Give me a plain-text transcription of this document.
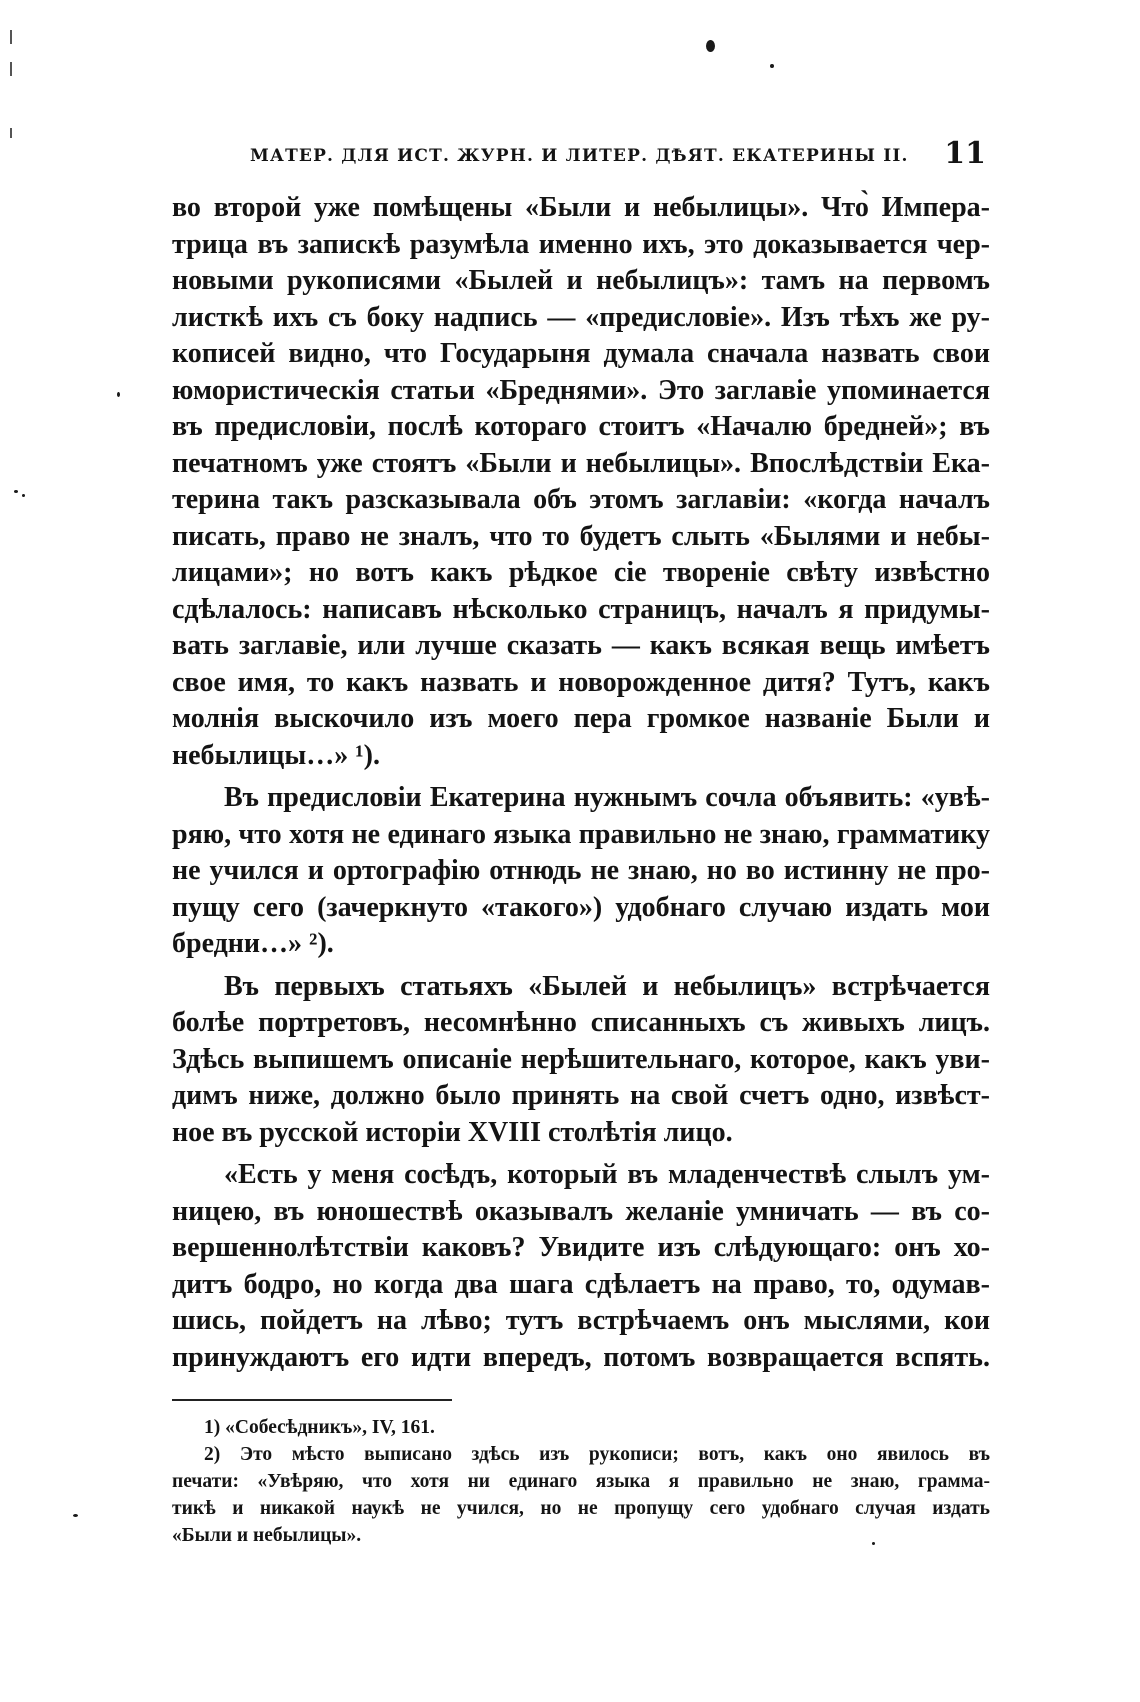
МАТЕР. ДЛЯ ИСТ. ЖУРН. И ЛИТЕР. ДѢЯТ. ЕКАТЕРИНЫ II. 11
во второй уже помѣщены «Были и небылицы». Что̀ Импера-
трица въ запискѣ разумѣла именно ихъ, это доказывается чер-
новыми рукописями «Былей и небылицъ»: тамъ на первомъ
листкѣ ихъ съ боку надпись — «предисловiе». Изъ тѣхъ же ру-
кописей видно, что Государыня думала сначала назвать свои
юмористическiя статьи «Бреднями». Это заглавiе упоминается
въ предисловiи, послѣ котораго стоитъ «Началю бредней»; въ
печатномъ уже стоятъ «Были и небылицы». Впослѣдствiи Ека-
терина такъ разсказывала объ этомъ заглавiи: «когда началъ
писать, право не зналъ, что то будетъ слыть «Былями и небы-
лицами»; но вотъ какъ рѣдкое сiе творенiе свѣту извѣстно
сдѣлалось: написавъ нѣсколько страницъ, началъ я придумы-
вать заглавiе, или лучше сказать — какъ всякая вещь имѣетъ
свое имя, то какъ назвать и новорожденное дитя? Тутъ, какъ
молнiя выскочило изъ моего пера громкое названiе Были и
небылицы…» ¹).
Въ предисловiи Екатерина нужнымъ сочла объявить: «увѣ-
ряю, что хотя не единаго языка правильно не знаю, грамматику
не учился и ортографiю отнюдь не знаю, но во истинну не про-
пущу сего (зачеркнуто «такого») удобнаго случаю издать мои
бредни…» ²).
Въ первыхъ статьяхъ «Былей и небылицъ» встрѣчается
болѣе портретовъ, несомнѣнно списанныхъ съ живыхъ лицъ.
Здѣсь выпишемъ описанiе нерѣшительнаго, которое, какъ уви-
димъ ниже, должно было принять на свой счетъ одно, извѣст-
ное въ русской исторiи XVIII столѣтiя лицо.
«Есть у меня сосѣдъ, который въ младенчествѣ слылъ ум-
ницею, въ юношествѣ оказывалъ желанiе умничать — въ со-
вершеннолѣтствiи каковъ? Увидите изъ слѣдующаго: онъ хо-
дитъ бодро, но когда два шага сдѣлаетъ на право, то, одумав-
шись, пойдетъ на лѣво; тутъ встрѣчаемъ онъ мыслями, кои
принуждаютъ его идти впередъ, потомъ возвращается вспять.
1) «Собесѣдникъ», IV, 161.
2) Это мѣсто выписано здѣсь изъ рукописи; вотъ, какъ оно явилось въ
печати: «Увѣряю, что хотя ни единаго языка я правильно не знаю, грамма-
тикѣ и никакой наукѣ не учился, но не пропущу сего удобнаго случая издать
«Были и небылицы».
